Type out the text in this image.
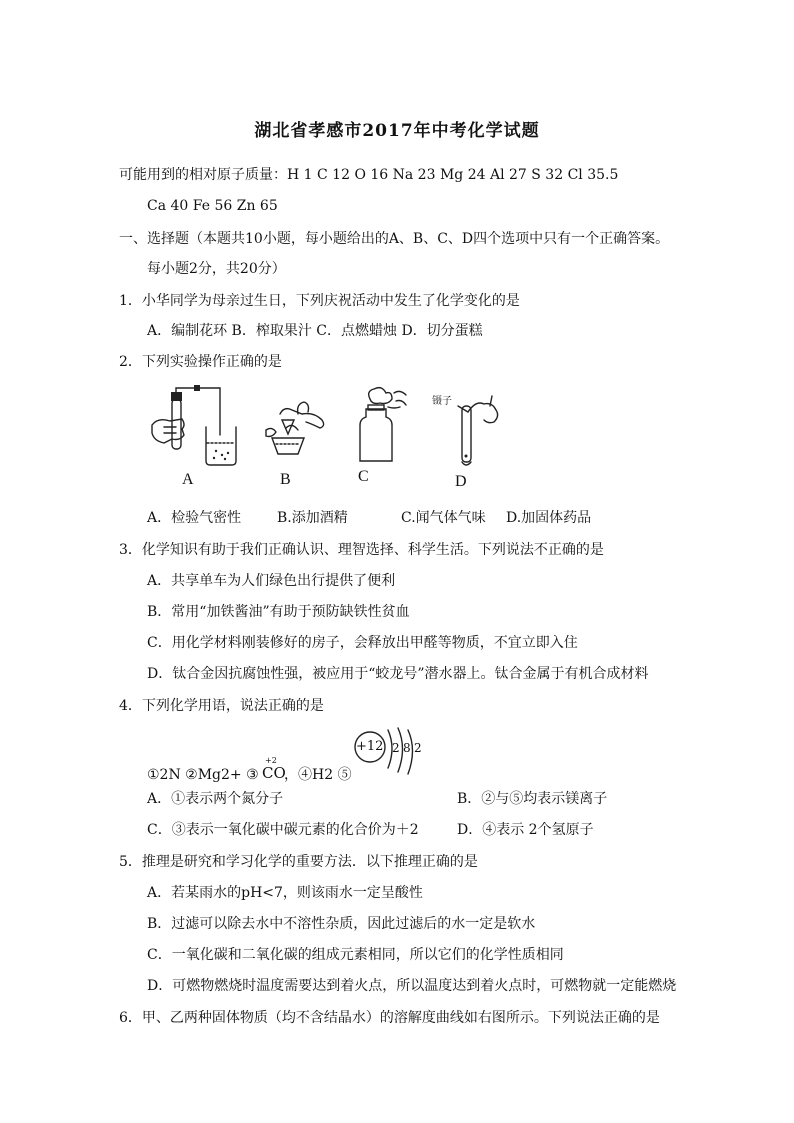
湖北省孝感市2017年中考化学试题
可能用到的相对原子质量：H 1 C 12 O 16 Na 23 Mg 24 Al 27 S 32 Cl 35.5
Ca 40 Fe 56 Zn 65
一、选择题（本题共10小题，每小题给出的A、B、C、D四个选项中只有一个正确答案。
每小题2分，共20分）
1．小华同学为母亲过生日，下列庆祝活动中发生了化学变化的是
A．编制花环 B．榨取果汁 C．点燃蜡烛 D．切分蛋糕
2．下列实验操作正确的是
A	B	C
镊子
D
A．检验气密性	B.添加酒精	C.闻气体气味 D.加固体药品
3．化学知识有助于我们正确认识、理智选择、科学生活。下列说法不正确的是
A．共享单车为人们绿色出行提供了便利
B．常用“加铁酱油”有助于预防缺铁性贫血
C．用化学材料刚装修好的房子，会释放出甲醛等物质，不宜立即入住
D．钛合金因抗腐蚀性强，被应用于“蛟龙号”潜水器上。钛合金属于有机合成材料
4．下列化学用语，说法正确的是
①2N ②Mg2+ ③
+2
CO
，④H2 ⑤
+12 2 8 2
A．①表示两个氮分子	B．②与⑤均表示镁离子
C．③表示一氧化碳中碳元素的化合价为＋2	D．④表示 2个氢原子
5．推理是研究和学习化学的重要方法．以下推理正确的是
A．若某雨水的pH<7，则该雨水一定呈酸性
B．过滤可以除去水中不溶性杂质，因此过滤后的水一定是软水
C．一氧化碳和二氧化碳的组成元素相同，所以它们的化学性质相同
D．可燃物燃烧时温度需要达到着火点，所以温度达到着火点时，可燃物就一定能燃烧
6．甲、乙两种固体物质（均不含结晶水）的溶解度曲线如右图所示。下列说法正确的是
